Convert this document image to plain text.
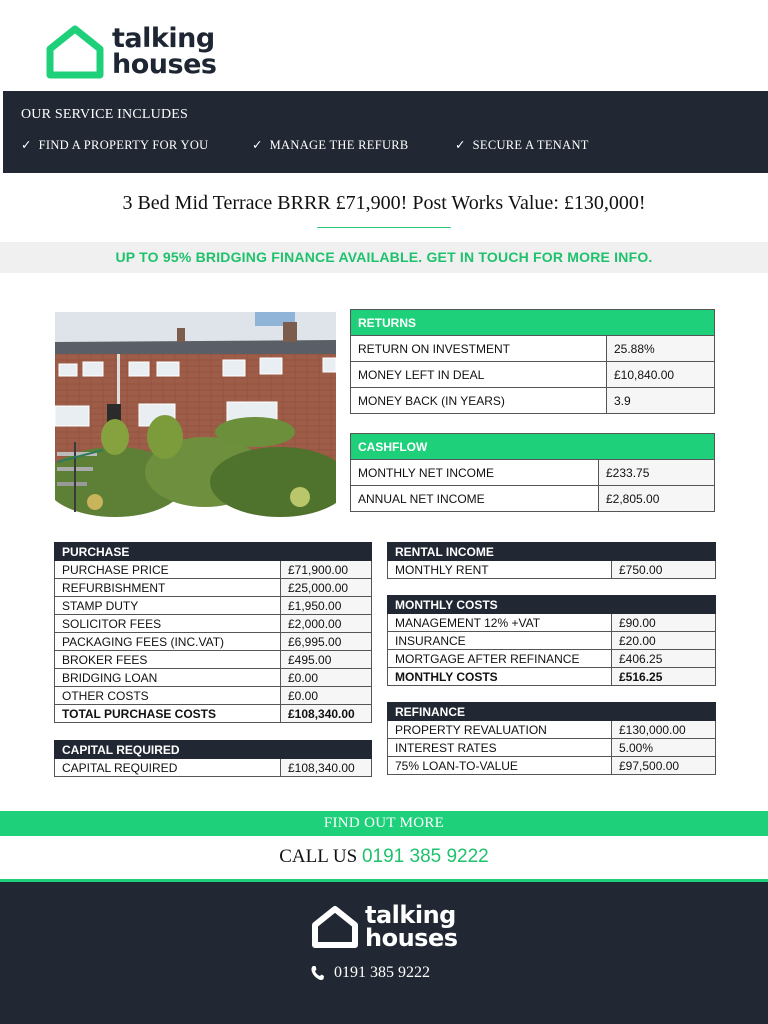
talking
houses
OUR SERVICE INCLUDES
✓ FIND A PROPERTY FOR YOU	✓ MANAGE THE REFURB	✓ SECURE A TENANT
3 Bed Mid Terrace BRRR £71,900! Post Works Value: £130,000!
UP TO 95% BRIDGING FINANCE AVAILABLE. GET IN TOUCH FOR MORE INFO.
RETURNS	
RETURN ON INVESTMENT	25.88%
MONEY LEFT IN DEAL	£10,840.00
MONEY BACK (IN YEARS)	3.9
CASHFLOW	
MONTHLY NET INCOME	£233.75
ANNUAL NET INCOME	£2,805.00
PURCHASE	
PURCHASE PRICE	£71,900.00
REFURBISHMENT	£25,000.00
STAMP DUTY	£1,950.00
SOLICITOR FEES	£2,000.00
PACKAGING FEES (INC.VAT)	£6,995.00
BROKER FEES	£495.00
BRIDGING LOAN	£0.00
OTHER COSTS	£0.00
TOTAL PURCHASE COSTS	£108,340.00
CAPITAL REQUIRED
CAPITAL REQUIRED	£108,340.00
RENTAL INCOME
MONTHLY RENT	£750.00
MONTHLY COSTS	
MANAGEMENT 12% +VAT	£90.00
INSURANCE	£20.00
MORTGAGE AFTER REFINANCE	£406.25
MONTHLY COSTS	£516.25
REFINANCE	
PROPERTY REVALUATION	£130,000.00
INTEREST RATES	5.00%
75% LOAN-TO-VALUE	£97,500.00
FIND OUT MORE
CALL US 0191 385 9222
talking
houses
0191 385 9222
